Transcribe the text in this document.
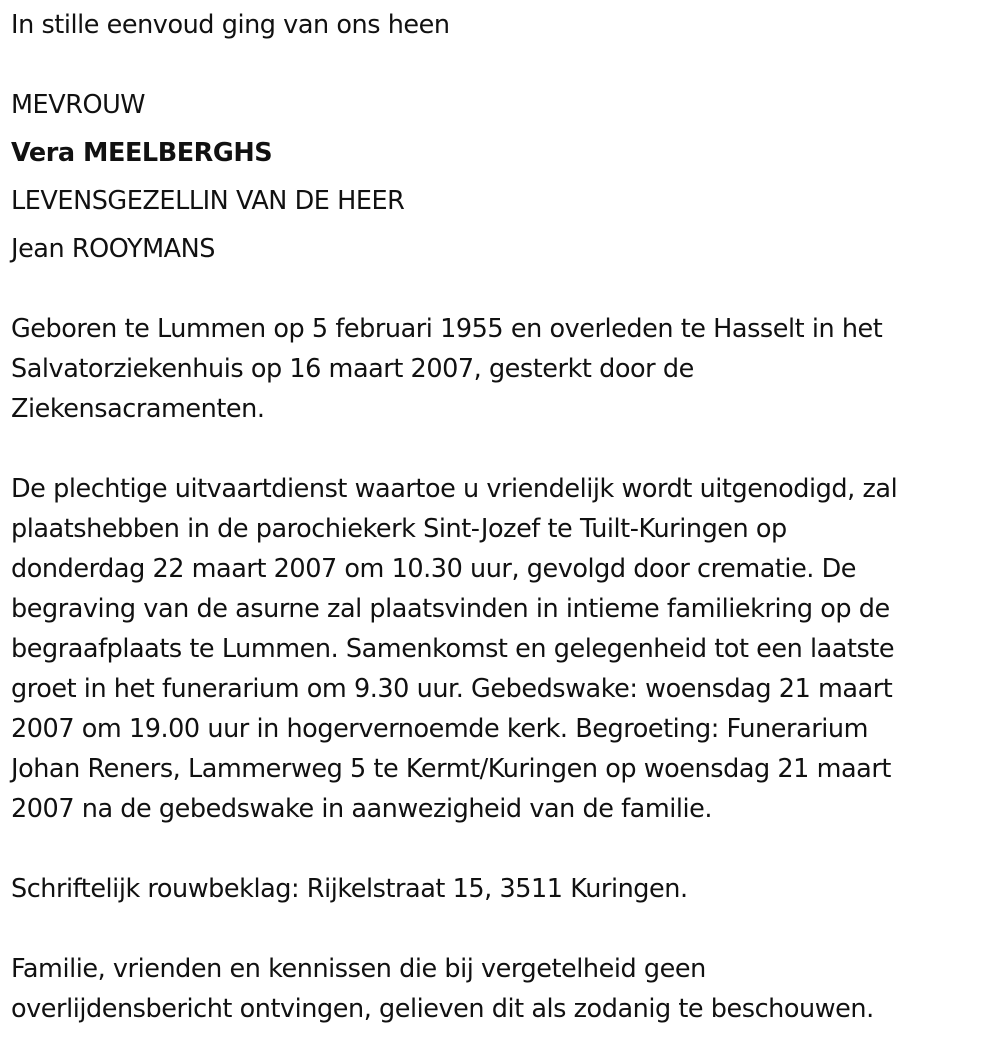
In stille eenvoud ging van ons heen
MEVROUW
Vera MEELBERGHS
LEVENSGEZELLIN VAN DE HEER
Jean ROOYMANS
Geboren te Lummen op 5 februari 1955 en overleden te Hasselt in het
Salvatorziekenhuis op 16 maart 2007, gesterkt door de
Ziekensacramenten.
De plechtige uitvaartdienst waartoe u vriendelijk wordt uitgenodigd, zal
plaatshebben in de parochiekerk Sint-Jozef te Tuilt-Kuringen op
donderdag 22 maart 2007 om 10.30 uur, gevolgd door crematie. De
begraving van de asurne zal plaatsvinden in intieme familiekring op de
begraafplaats te Lummen. Samenkomst en gelegenheid tot een laatste
groet in het funerarium om 9.30 uur. Gebedswake: woensdag 21 maart
2007 om 19.00 uur in hogervernoemde kerk. Begroeting: Funerarium
Johan Reners, Lammerweg 5 te Kermt/Kuringen op woensdag 21 maart
2007 na de gebedswake in aanwezigheid van de familie.
Schriftelijk rouwbeklag: Rijkelstraat 15, 3511 Kuringen.
Familie, vrienden en kennissen die bij vergetelheid geen
overlijdensbericht ontvingen, gelieven dit als zodanig te beschouwen.
